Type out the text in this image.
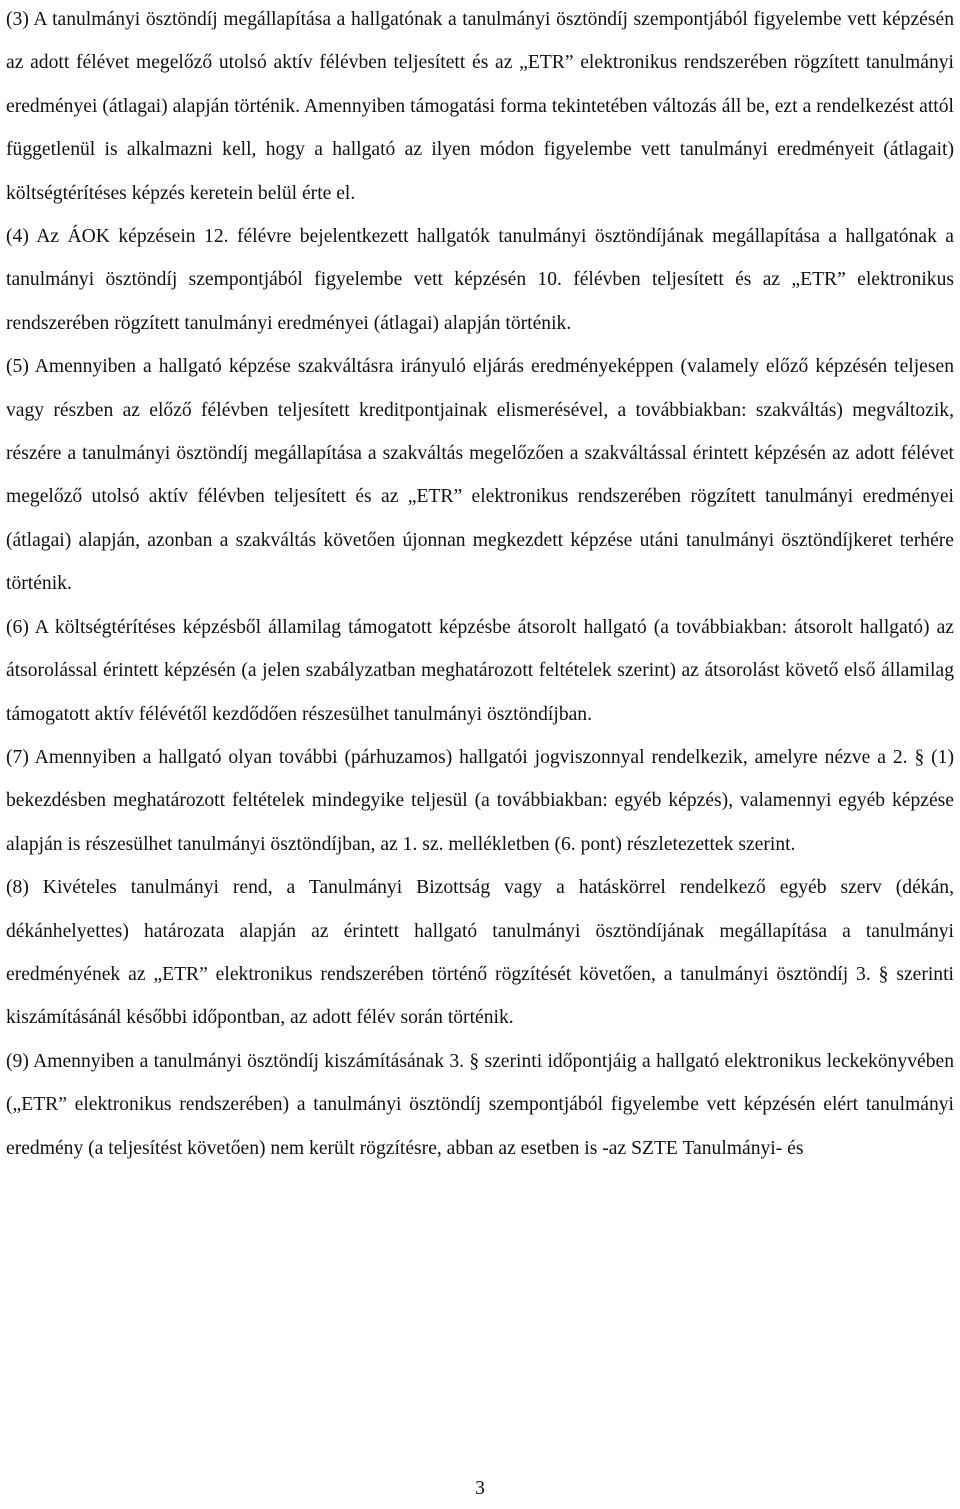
(3) A tanulmányi ösztöndíj megállapítása a hallgatónak a tanulmányi ösztöndíj szempontjából figyelembe vett képzésén az adott félévet megelőző utolsó aktív félévben teljesített és az „ETR” elektronikus rendszerében rögzített tanulmányi eredményei (átlagai) alapján történik. Amennyiben támogatási forma tekintetében változás áll be, ezt a rendelkezést attól függetlenül is alkalmazni kell, hogy a hallgató az ilyen módon figyelembe vett tanulmányi eredményeit (átlagait) költségtérítéses képzés keretein belül érte el.

(4) Az ÁOK képzésein 12. félévre bejelentkezett hallgatók tanulmányi ösztöndíjának megállapítása a hallgatónak a tanulmányi ösztöndíj szempontjából figyelembe vett képzésén 10. félévben teljesített és az „ETR” elektronikus rendszerében rögzített tanulmányi eredményei (átlagai) alapján történik.

(5) Amennyiben a hallgató képzése szakváltásra irányuló eljárás eredményeképpen (valamely előző képzésén teljesen vagy részben az előző félévben teljesített kreditpontjainak elismerésével, a továbbiakban: szakváltás) megváltozik, részére a tanulmányi ösztöndíj megállapítása a szakváltás megelőzően a szakváltással érintett képzésén az adott félévet megelőző utolsó aktív félévben teljesített és az „ETR” elektronikus rendszerében rögzített tanulmányi eredményei (átlagai) alapján, azonban a szakváltás követően újonnan megkezdett képzése utáni tanulmányi ösztöndíjkeret terhére történik.

(6) A költségtérítéses képzésből államilag támogatott képzésbe átsorolt hallgató (a továbbiakban: átsorolt hallgató) az átsorolással érintett képzésén (a jelen szabályzatban meghatározott feltételek szerint) az átsorolást követő első államilag támogatott aktív félévétől kezdődően részesülhet tanulmányi ösztöndíjban.

(7) Amennyiben a hallgató olyan további (párhuzamos) hallgatói jogviszonnyal rendelkezik, amelyre nézve a 2. § (1) bekezdésben meghatározott feltételek mindegyike teljesül (a továbbiakban: egyéb képzés), valamennyi egyéb képzése alapján is részesülhet tanulmányi ösztöndíjban, az 1. sz. mellékletben (6. pont) részletezettek szerint.

(8) Kivételes tanulmányi rend, a Tanulmányi Bizottság vagy a hatáskörrel rendelkező egyéb szerv (dékán, dékánhelyettes) határozata alapján az érintett hallgató tanulmányi ösztöndíjának megállapítása a tanulmányi eredményének az „ETR” elektronikus rendszerében történő rögzítését követően, a tanulmányi ösztöndíj 3. § szerinti kiszámításánál későbbi időpontban, az adott félév során történik.

(9) Amennyiben a tanulmányi ösztöndíj kiszámításának 3. § szerinti időpontjáig a hallgató elektronikus leckekönyvében („ETR” elektronikus rendszerében) a tanulmányi ösztöndíj szempontjából figyelembe vett képzésén elért tanulmányi eredmény (a teljesítést követően) nem került rögzítésre, abban az esetben is -az SZTE Tanulmányi- és

3
